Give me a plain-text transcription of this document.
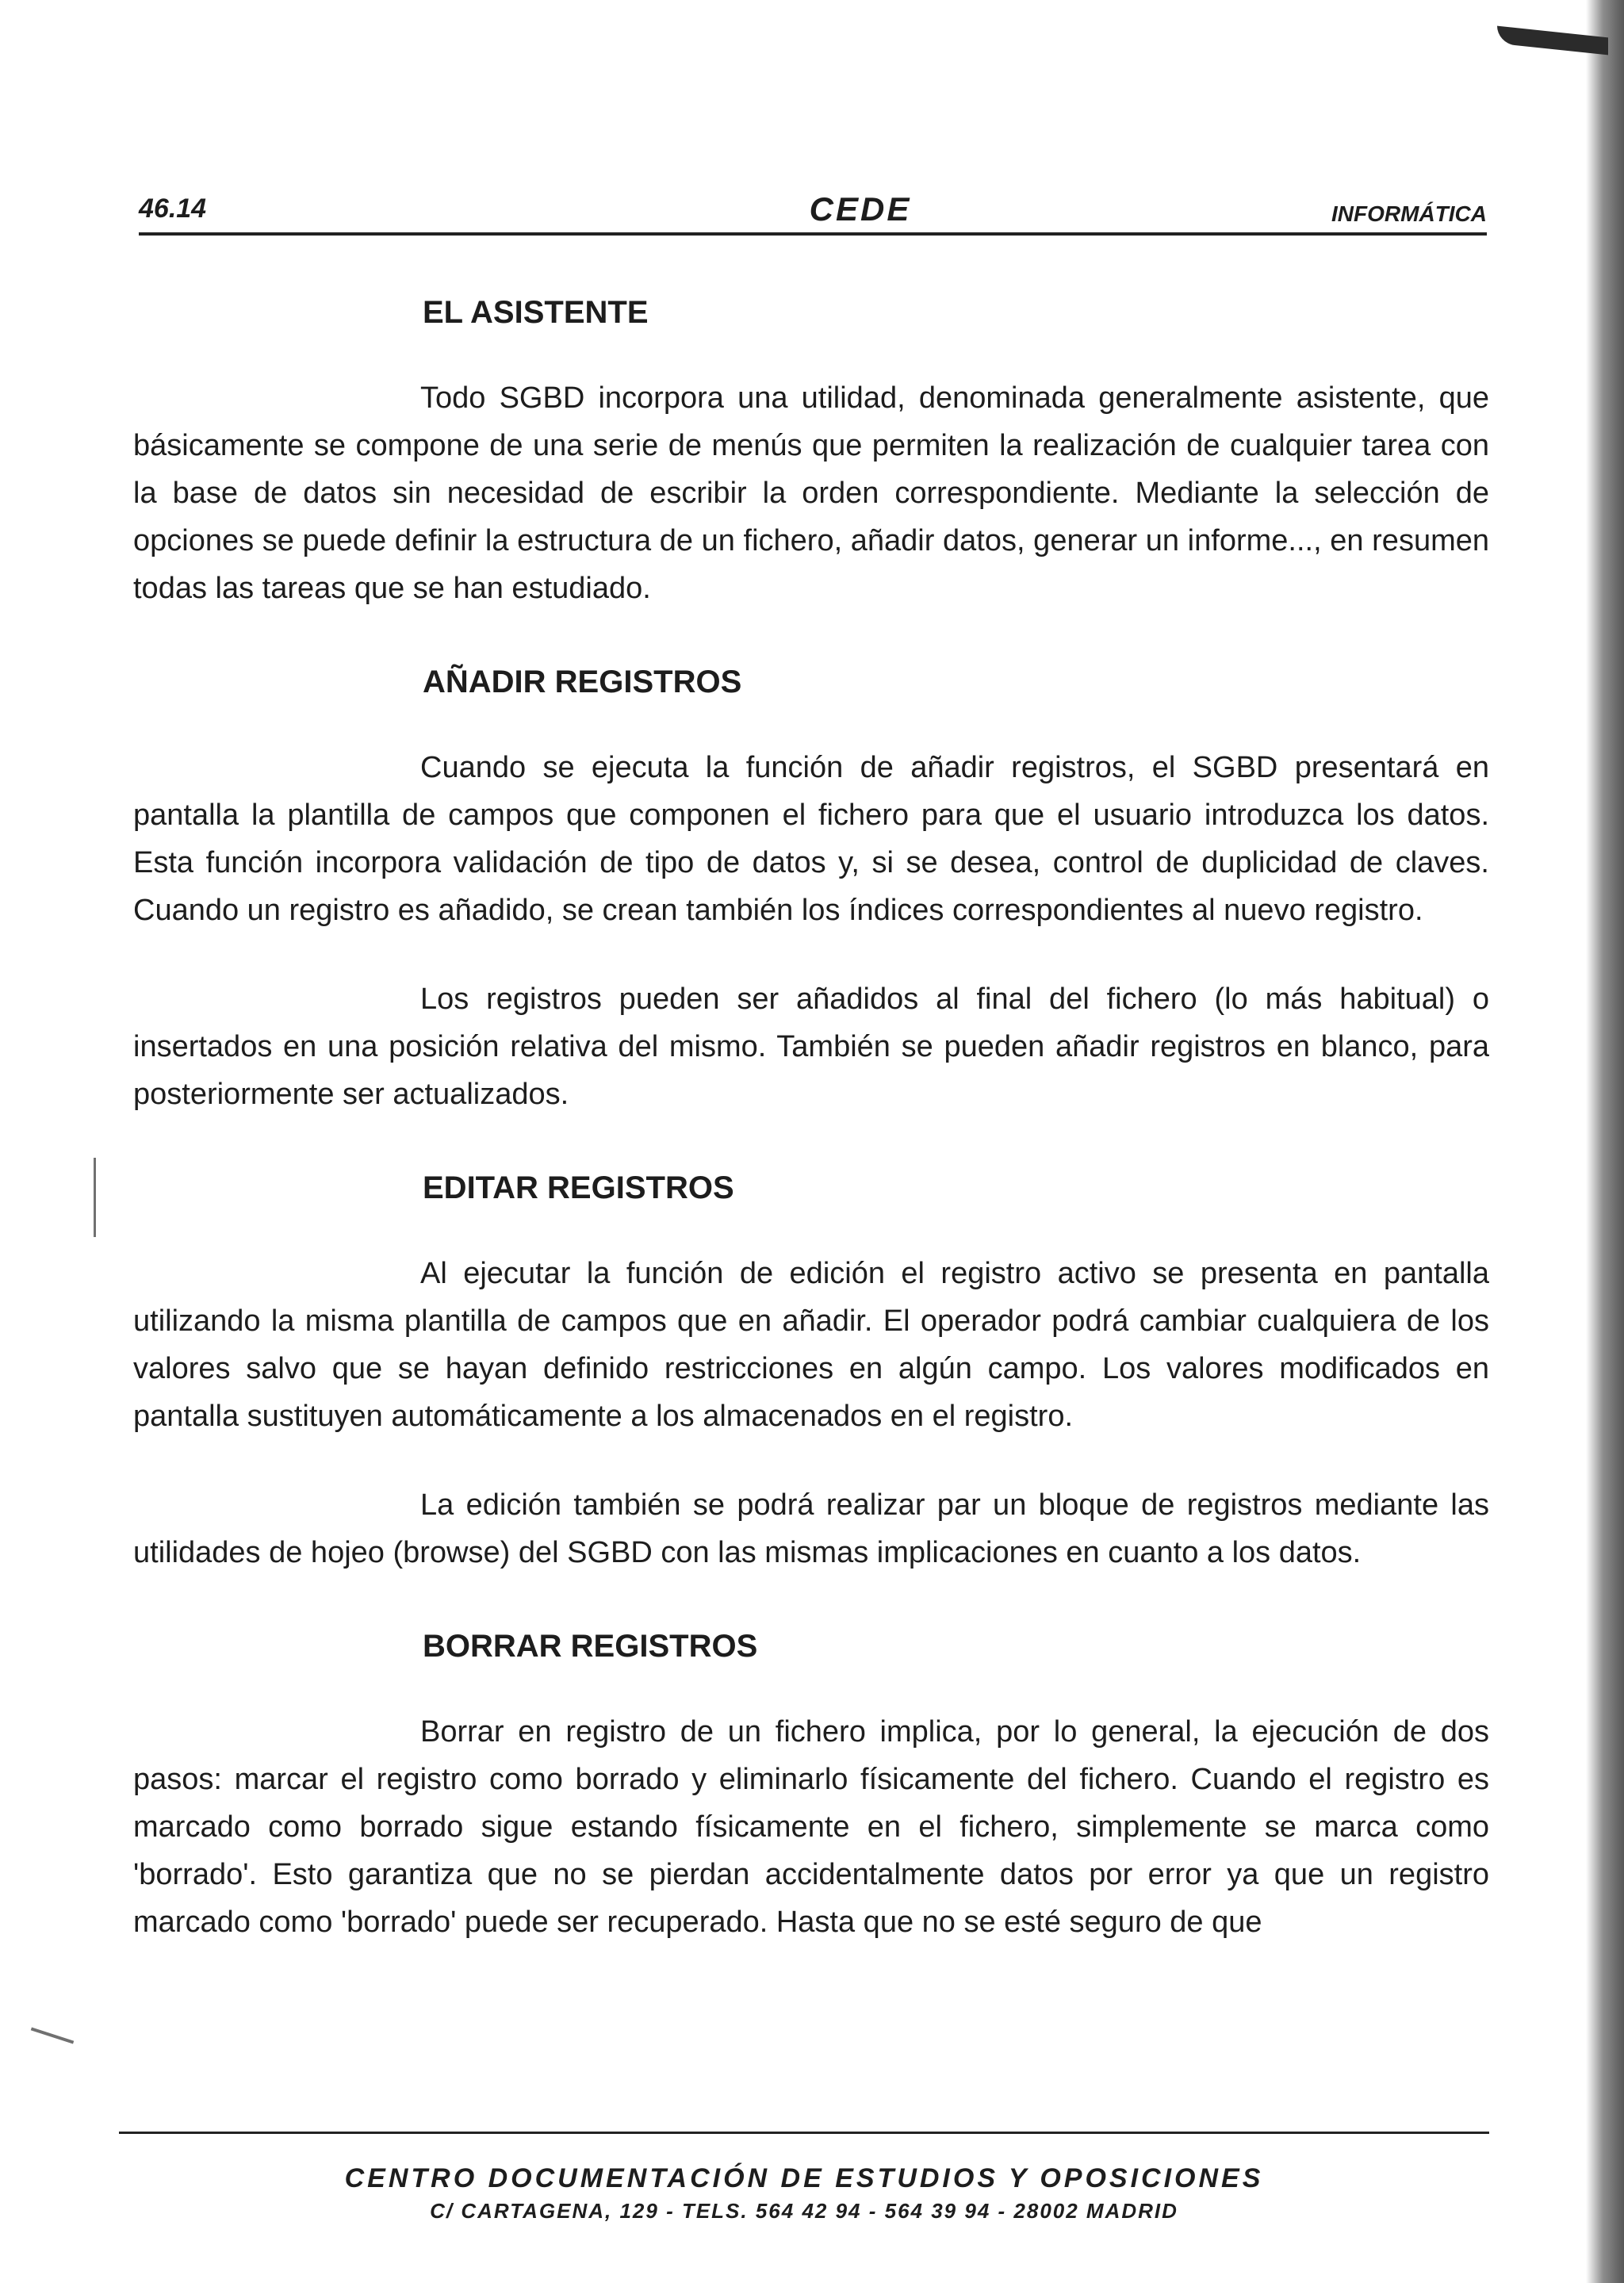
46.14	CEDE	INFORMÁTICA
EL ASISTENTE

Todo SGBD incorpora una utilidad, denominada generalmente asistente, que básicamente se compone de una serie de menús que permiten la realización de cualquier tarea con la base de datos sin necesidad de escribir la orden correspondiente. Mediante la selección de opciones se puede definir la estructura de un fichero, añadir datos, generar un informe..., en resumen todas las tareas que se han estudiado.

AÑADIR REGISTROS

Cuando se ejecuta la función de añadir registros, el SGBD presentará en pantalla la plantilla de campos que componen el fichero para que el usuario introduzca los datos. Esta función incorpora validación de tipo de datos y, si se desea, control de duplicidad de claves. Cuando un registro es añadido, se crean también los índices correspondientes al nuevo registro.

Los registros pueden ser añadidos al final del fichero (lo más habitual) o insertados en una posición relativa del mismo. También se pueden añadir registros en blanco, para posteriormente ser actualizados.

EDITAR REGISTROS

Al ejecutar la función de edición el registro activo se presenta en pantalla utilizando la misma plantilla de campos que en añadir. El operador podrá cambiar cualquiera de los valores salvo que se hayan definido restricciones en algún campo. Los valores modificados en pantalla sustituyen automáticamente a los almacenados en el registro.

La edición también se podrá realizar par un bloque de registros mediante las utilidades de hojeo (browse) del SGBD con las mismas implicaciones en cuanto a los datos.

BORRAR REGISTROS

Borrar en registro de un fichero implica, por lo general, la ejecución de dos pasos: marcar el registro como borrado y eliminarlo físicamente del fichero. Cuando el registro es marcado como borrado sigue estando físicamente en el fichero, simplemente se marca como 'borrado'. Esto garantiza que no se pierdan accidentalmente datos por error ya que un registro marcado como 'borrado' puede ser recuperado. Hasta que no se esté seguro de que

CENTRO DOCUMENTACIÓN DE ESTUDIOS Y OPOSICIONES
C/ CARTAGENA, 129 - TELS. 564 42 94 - 564 39 94 - 28002 MADRID
